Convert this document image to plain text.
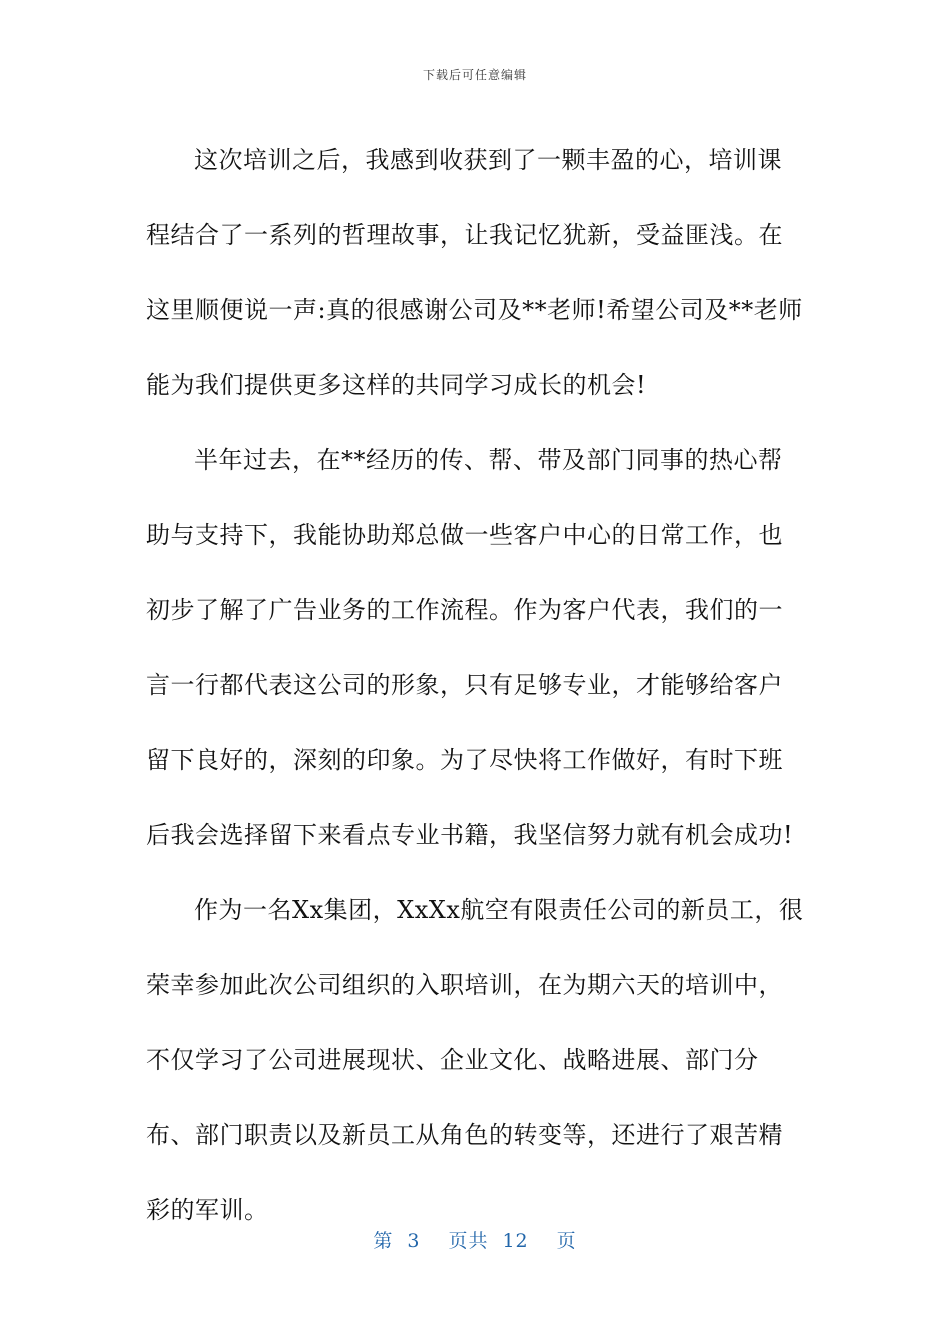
下载后可任意编辑

这次培训之后，我感到收获到了一颗丰盈的心，培训课程结合了一系列的哲理故事，让我记忆犹新，受益匪浅。在这里顺便说一声:真的很感谢公司及**老师!希望公司及**老师能为我们提供更多这样的共同学习成长的机会!

半年过去，在**经历的传、帮、带及部门同事的热心帮助与支持下，我能协助郑总做一些客户中心的日常工作，也初步了解了广告业务的工作流程。作为客户代表，我们的一言一行都代表这公司的形象，只有足够专业，才能够给客户留下良好的，深刻的印象。为了尽快将工作做好，有时下班后我会选择留下来看点专业书籍，我坚信努力就有机会成功!

作为一名Xx集团，XxXx航空有限责任公司的新员工，很荣幸参加此次公司组织的入职培训，在为期六天的培训中，不仅学习了公司进展现状、企业文化、战略进展、部门分布、部门职责以及新员工从角色的转变等，还进行了艰苦精彩的军训。

第 3 页共 12 页
